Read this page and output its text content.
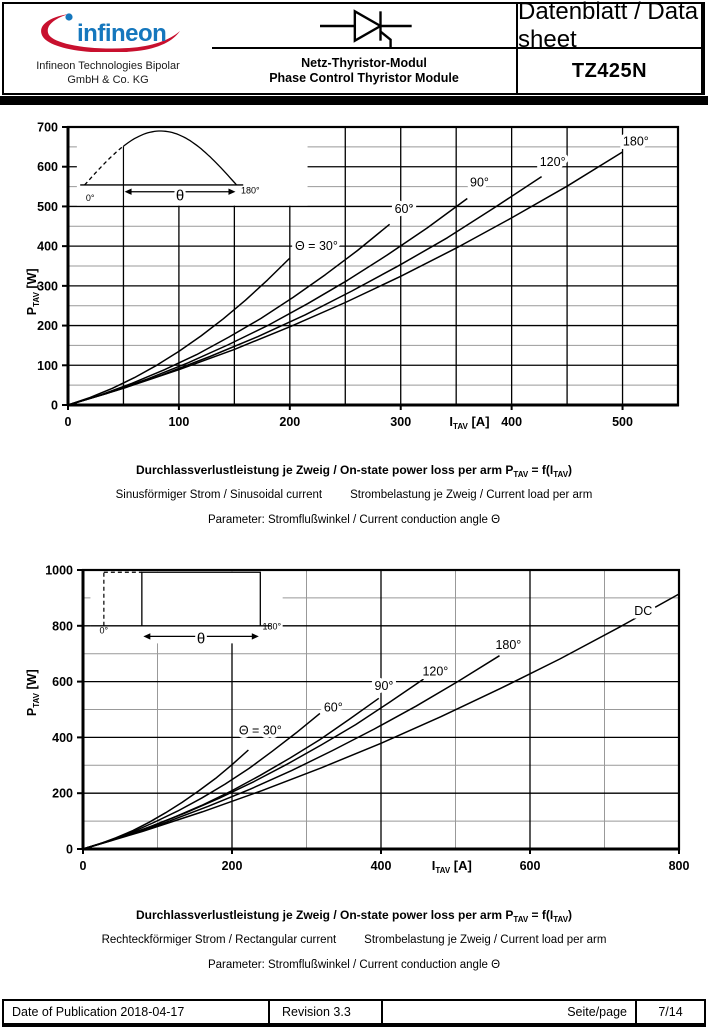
Datenblatt / Data sheet
infineon
Infineon Technologies Bipolar
GmbH & Co. KG
Netz-Thyristor-Modul
Phase Control Thyristor Module	TZ425N
0°
180°
θ
Θ = 30°
60°
90°
120°
180°
0	100	200	300	400	500
0
100
200
300
400
500
600
700
$I_{TAV}$ [A]
$P_{TAV}$ [W]
0°	180°
θ
Θ = 30°
60°
90°
120°
180°
DC
0	200	400	600	800
0
200
400
600
800
1000
$I_{TAV}$ [A]
$P_{TAV}$ [W]
Durchlassverlustleistung je Zweig / On-state power loss per arm $P_{TAV} = f(I_{TAV})$
Sinusförmiger Strom / Sinusoidal current Strombelastung je Zweig / Current load per arm
Parameter: Stromflußwinkel / Current conduction angle Θ
Durchlassverlustleistung je Zweig / On-state power loss per arm $P_{TAV} = f(I_{TAV})$
Rechteckförmiger Strom / Rectangular current Strombelastung je Zweig / Current load per arm
Parameter: Stromflußwinkel / Current conduction angle Θ
Date of Publication 2018-04-17	Revision 3.3	Seite/page	7/14
